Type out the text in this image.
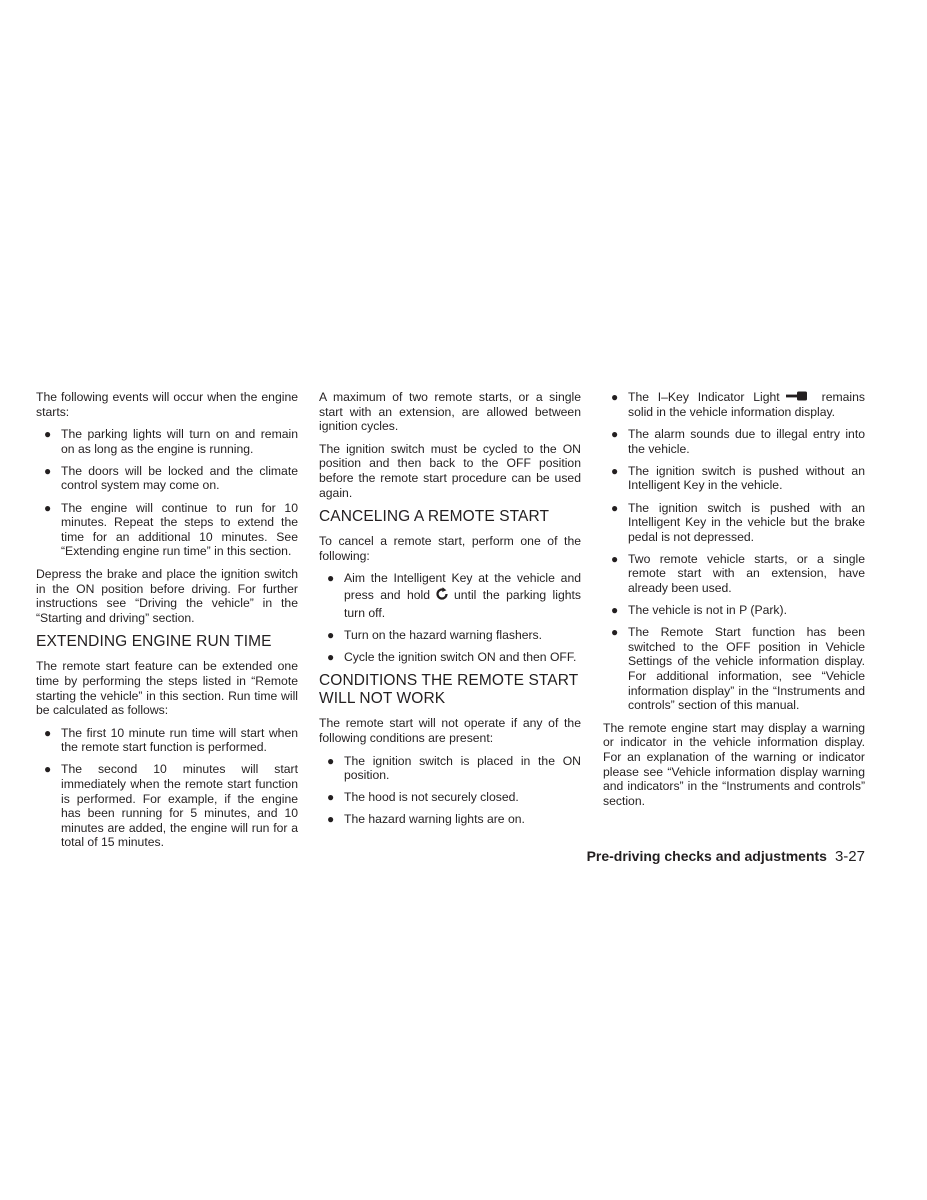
The following events will occur when the engine starts:

● The parking lights will turn on and remain on as long as the engine is running.
● The doors will be locked and the climate control system may come on.
● The engine will continue to run for 10 minutes. Repeat the steps to extend the time for an additional 10 minutes. See “Extending engine run time” in this section.

Depress the brake and place the ignition switch in the ON position before driving. For further instructions see “Driving the vehicle” in the “Starting and driving” section.

EXTENDING ENGINE RUN TIME

The remote start feature can be extended one time by performing the steps listed in “Remote starting the vehicle” in this section. Run time will be calculated as follows:

● The first 10 minute run time will start when the remote start function is performed.
● The second 10 minutes will start immediately when the remote start function is performed. For example, if the engine has been running for 5 minutes, and 10 minutes are added, the engine will run for a total of 15 minutes.

A maximum of two remote starts, or a single start with an extension, are allowed between ignition cycles.

The ignition switch must be cycled to the ON position and then back to the OFF position before the remote start procedure can be used again.

CANCELING A REMOTE START

To cancel a remote start, perform one of the following:

● Aim the Intelligent Key at the vehicle and press and hold until the parking lights turn off.
● Turn on the hazard warning flashers.
● Cycle the ignition switch ON and then OFF.
CONDITIONS THE REMOTE START WILL NOT WORK

The remote start will not operate if any of the following conditions are present:

● The ignition switch is placed in the ON position.
● The hood is not securely closed.
● The hazard warning lights are on.
● The I–Key Indicator Light	remains solid in the vehicle information display.
● The alarm sounds due to illegal entry into the vehicle.
● The ignition switch is pushed without an Intelligent Key in the vehicle.
● The ignition switch is pushed with an Intelligent Key in the vehicle but the brake pedal is not depressed.
● Two remote vehicle starts, or a single remote start with an extension, have already been used.
● The vehicle is not in P (Park).
● The Remote Start function has been switched to the OFF position in Vehicle Settings of the vehicle information display. For additional information, see “Vehicle information display” in the “Instruments and controls” section of this manual.

The remote engine start may display a warning or indicator in the vehicle information display. For an explanation of the warning or indicator please see “Vehicle information display warning and indicators” in the “Instruments and controls” section.

Pre-driving checks and adjustments 3-27
